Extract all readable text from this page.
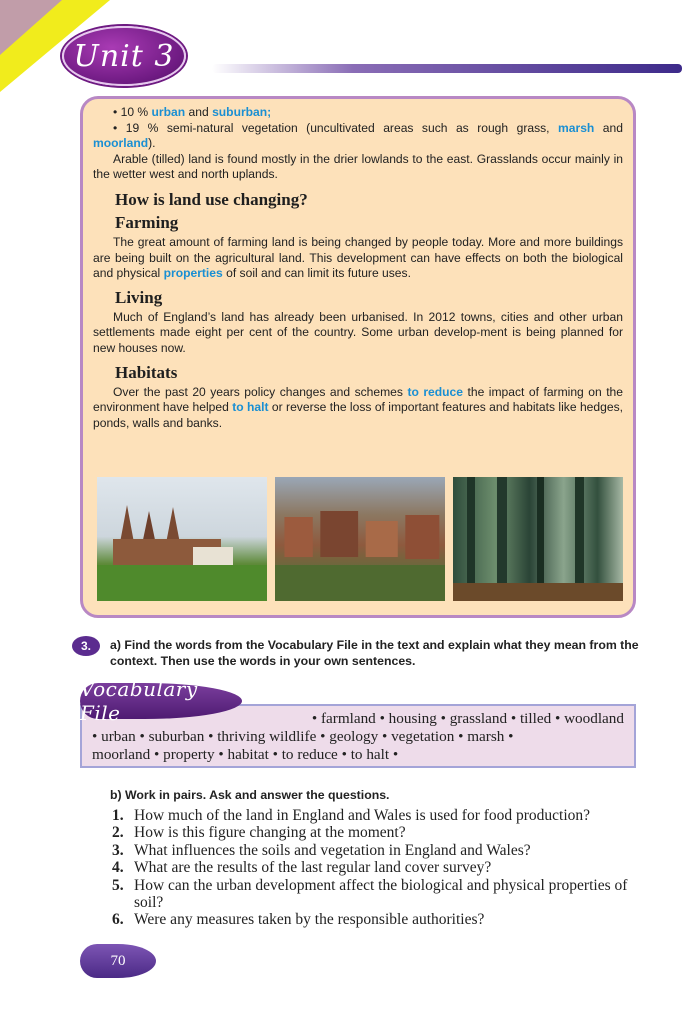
Unit 3

• 10 % urban and suburban;

• 19 % semi-natural vegetation (uncultivated areas such as rough grass, marsh and moorland).

Arable (tilled) land is found mostly in the drier lowlands to the east. Grasslands occur mainly in the wetter west and north uplands.

How is land use changing?

Farming

The great amount of farming land is being changed by people today. More and more buildings are being built on the agricultural land. This development can have effects on both the biological and physical properties of soil and can limit its future uses.

Living

Much of England’s land has already been urbanised. In 2012 towns, cities and other urban settlements made eight per cent of the country. Some urban develop-ment is being planned for new houses now.

Habitats

Over the past 20 years policy changes and schemes to reduce the impact of farming on the environment have helped to halt or reverse the loss of important features and habitats like hedges, ponds, walls and banks.

3.	a) Find the words from the Vocabulary File in the text and explain what they mean from the context. Then use the words in your own sentences.

• farmland • housing • grassland • tilled • woodland

• urban • suburban • thriving wildlife • geology • vegetation • marsh •

moorland • property • habitat • to reduce • to halt •

Vocabulary File

b) Work in pairs. Ask and answer the questions.

1. How much of the land in England and Wales is used for food production?
2. How is this figure changing at the moment?
3. What influences the soils and vegetation in England and Wales?
4. What are the results of the last regular land cover survey?
5. How can the urban development affect the biological and physical properties of soil?
6. Were any measures taken by the responsible authorities?
70
